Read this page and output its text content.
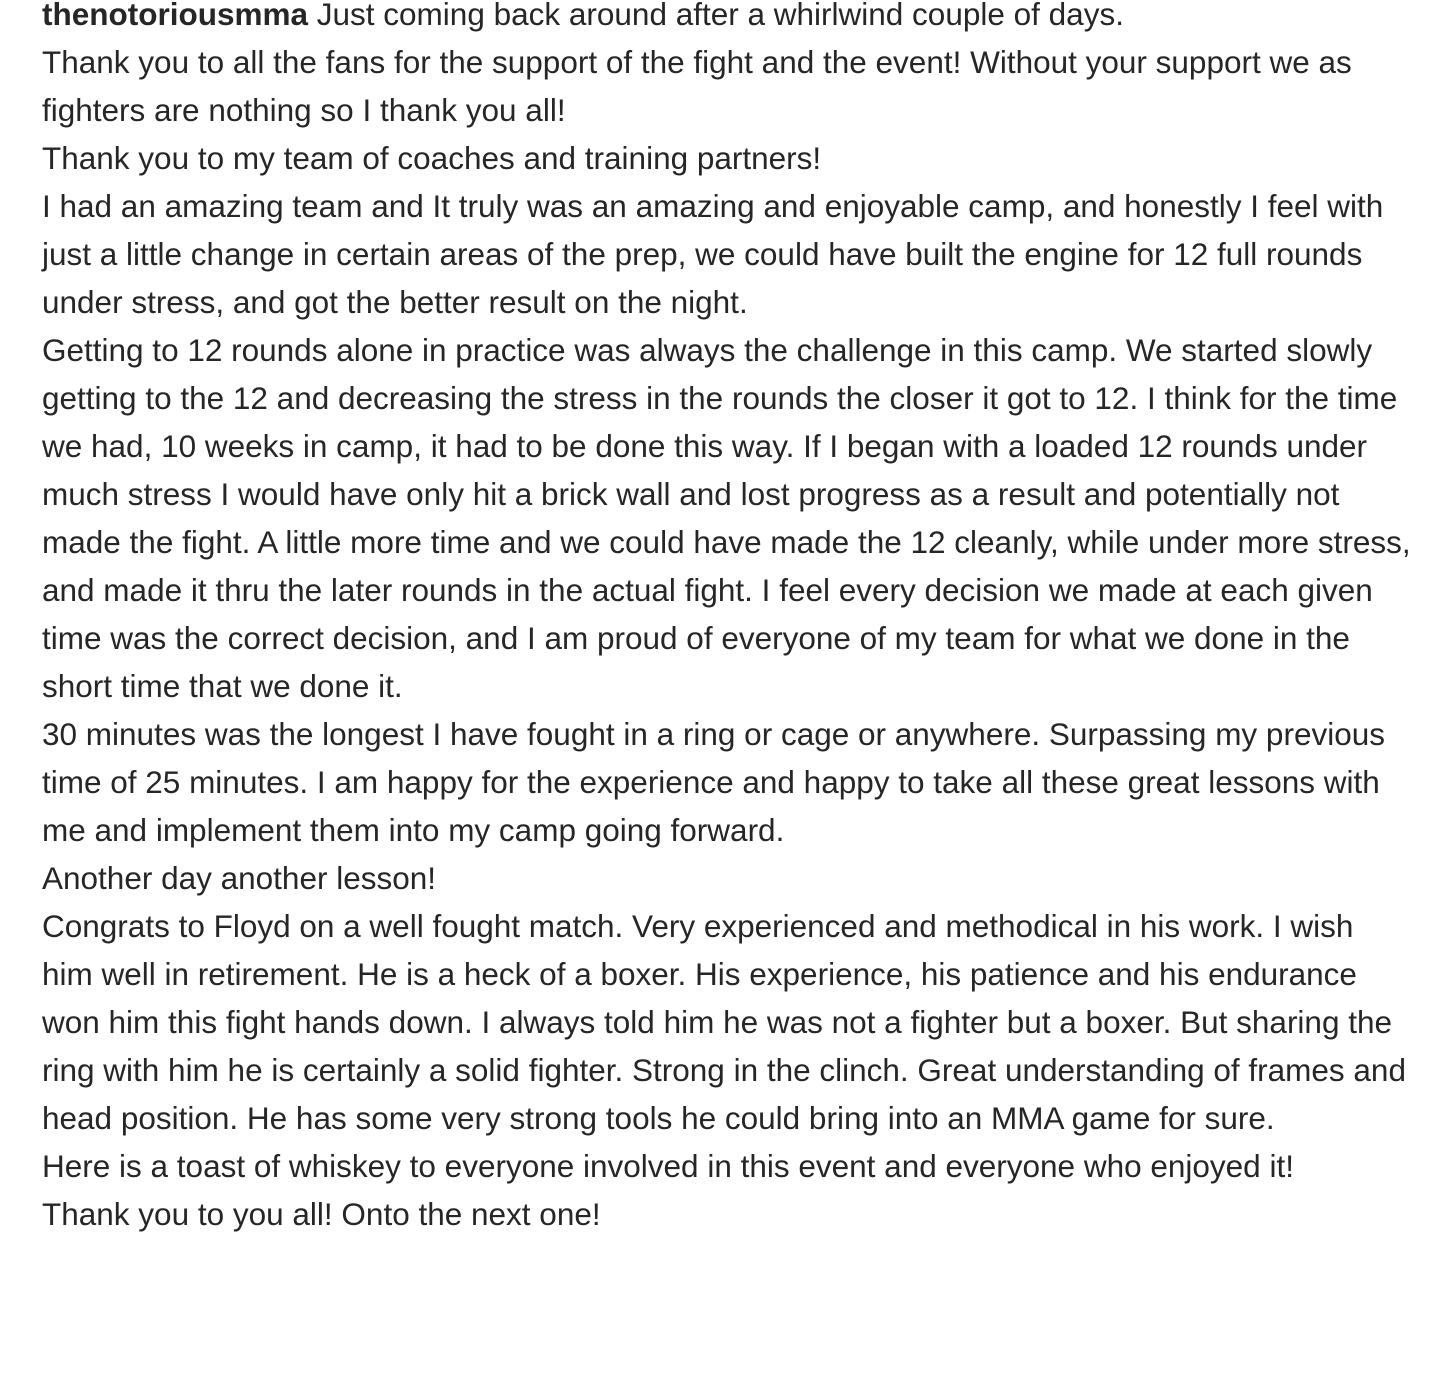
thenotoriousmma Just coming back around after a whirlwind couple of days.

Thank you to all the fans for the support of the fight and the event! Without your support we as fighters are nothing so I thank you all!

Thank you to my team of coaches and training partners!

I had an amazing team and It truly was an amazing and enjoyable camp, and honestly I feel with just a little change in certain areas of the prep, we could have built the engine for 12 full rounds under stress, and got the better result on the night.

Getting to 12 rounds alone in practice was always the challenge in this camp. We started slowly getting to the 12 and decreasing the stress in the rounds the closer it got to 12. I think for the time we had, 10 weeks in camp, it had to be done this way. If I began with a loaded 12 rounds under much stress I would have only hit a brick wall and lost progress as a result and potentially not made the fight. A little more time and we could have made the 12 cleanly, while under more stress, and made it thru the later rounds in the actual fight. I feel every decision we made at each given time was the correct decision, and I am proud of everyone of my team for what we done in the short time that we done it.

30 minutes was the longest I have fought in a ring or cage or anywhere. Surpassing my previous time of 25 minutes. I am happy for the experience and happy to take all these great lessons with me and implement them into my camp going forward.

Another day another lesson!

Congrats to Floyd on a well fought match. Very experienced and methodical in his work. I wish him well in retirement. He is a heck of a boxer. His experience, his patience and his endurance won him this fight hands down. I always told him he was not a fighter but a boxer. But sharing the ring with him he is certainly a solid fighter. Strong in the clinch. Great understanding of frames and head position. He has some very strong tools he could bring into an MMA game for sure.

Here is a toast of whiskey to everyone involved in this event and everyone who enjoyed it!

Thank you to you all! Onto the next one!
